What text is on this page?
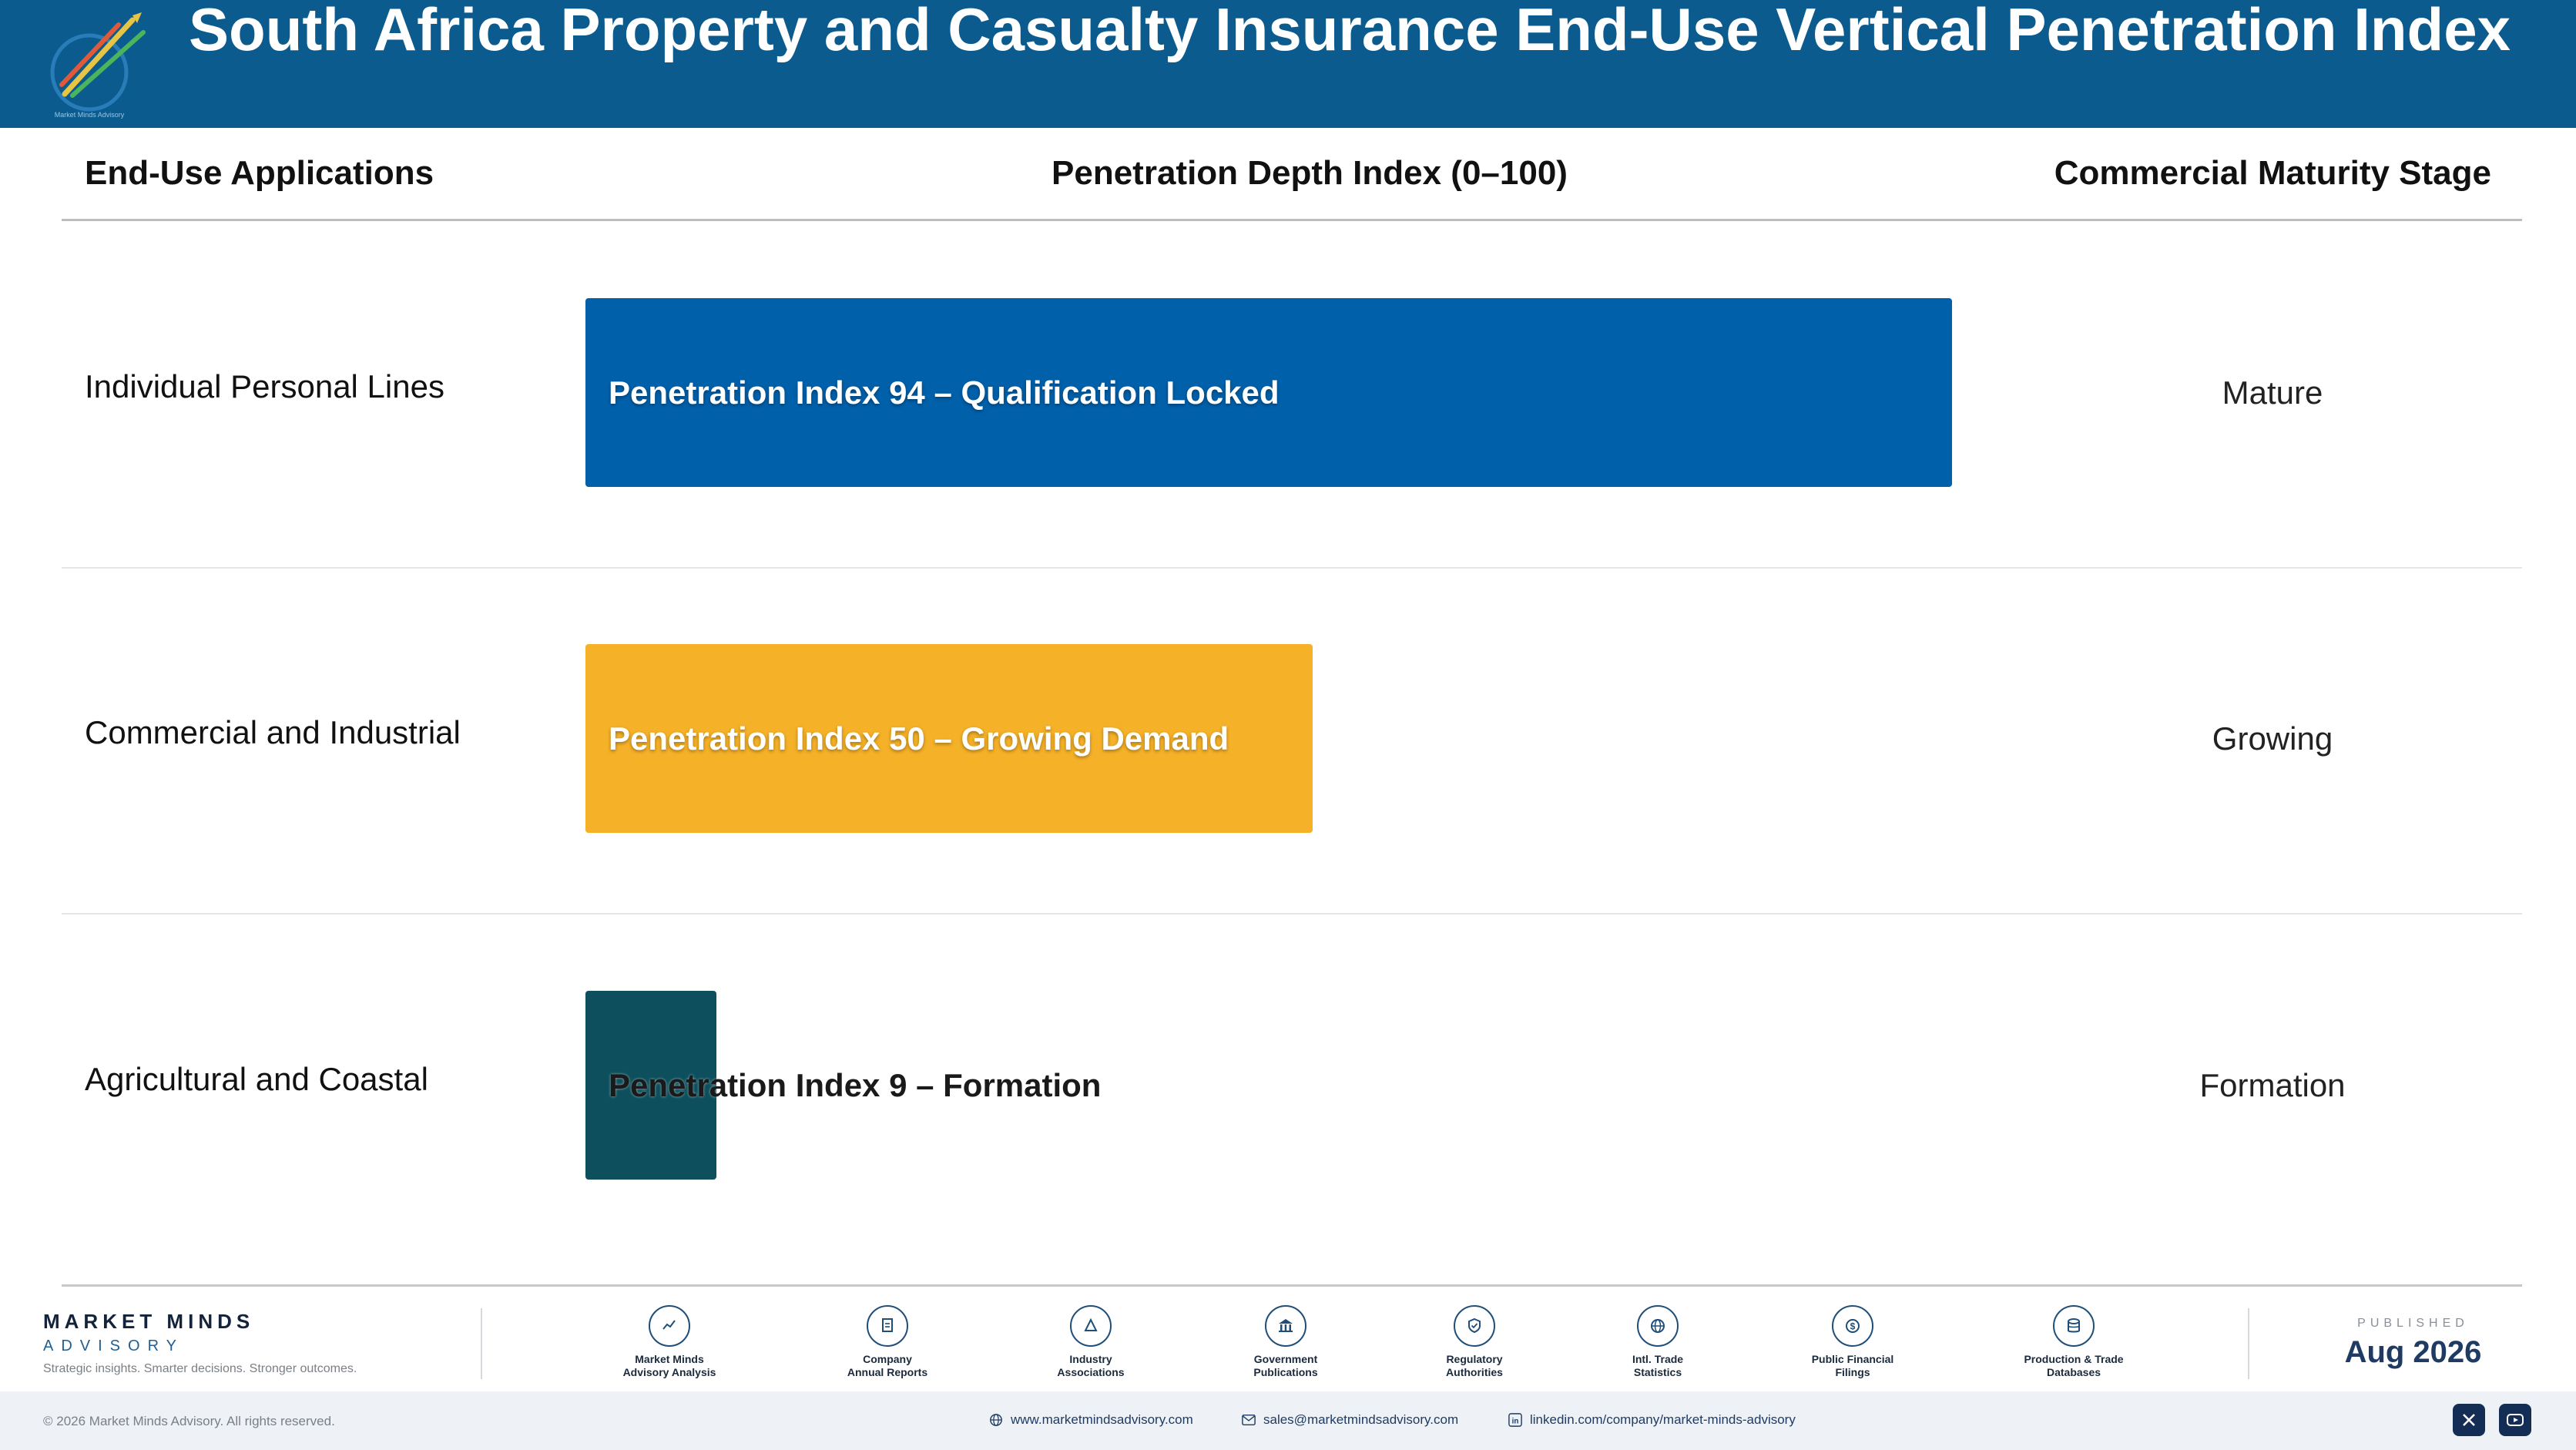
Market Minds Advisory
South Africa Property and Casualty Insurance End-Use Vertical Penetration Index
End-Use Applications	Penetration Depth Index (0–100)	Commercial Maturity Stage
Individual Personal Lines	Penetration Index 94 – Qualification Locked	Mature
Commercial and Industrial	Penetration Index 50 – Growing Demand	Growing
Agricultural and Coastal	Penetration Index 9 – Formation	Formation
MARKET MINDS
ADVISORY
Strategic insights. Smarter decisions. Stronger outcomes.
Market Minds
Advisory Analysis
Company
Annual Reports
Industry
Associations
Government
Publications
Regulatory
Authorities
Intl. Trade
Statistics
$
Public Financial
Filings
Production & Trade
Databases
PUBLISHED
Aug 2026
© 2026 Market Minds Advisory. All rights reserved.	www.marketmindsadvisory.com	sales@marketmindsadvisory.com	in linkedin.com/company/market-minds-advisory
